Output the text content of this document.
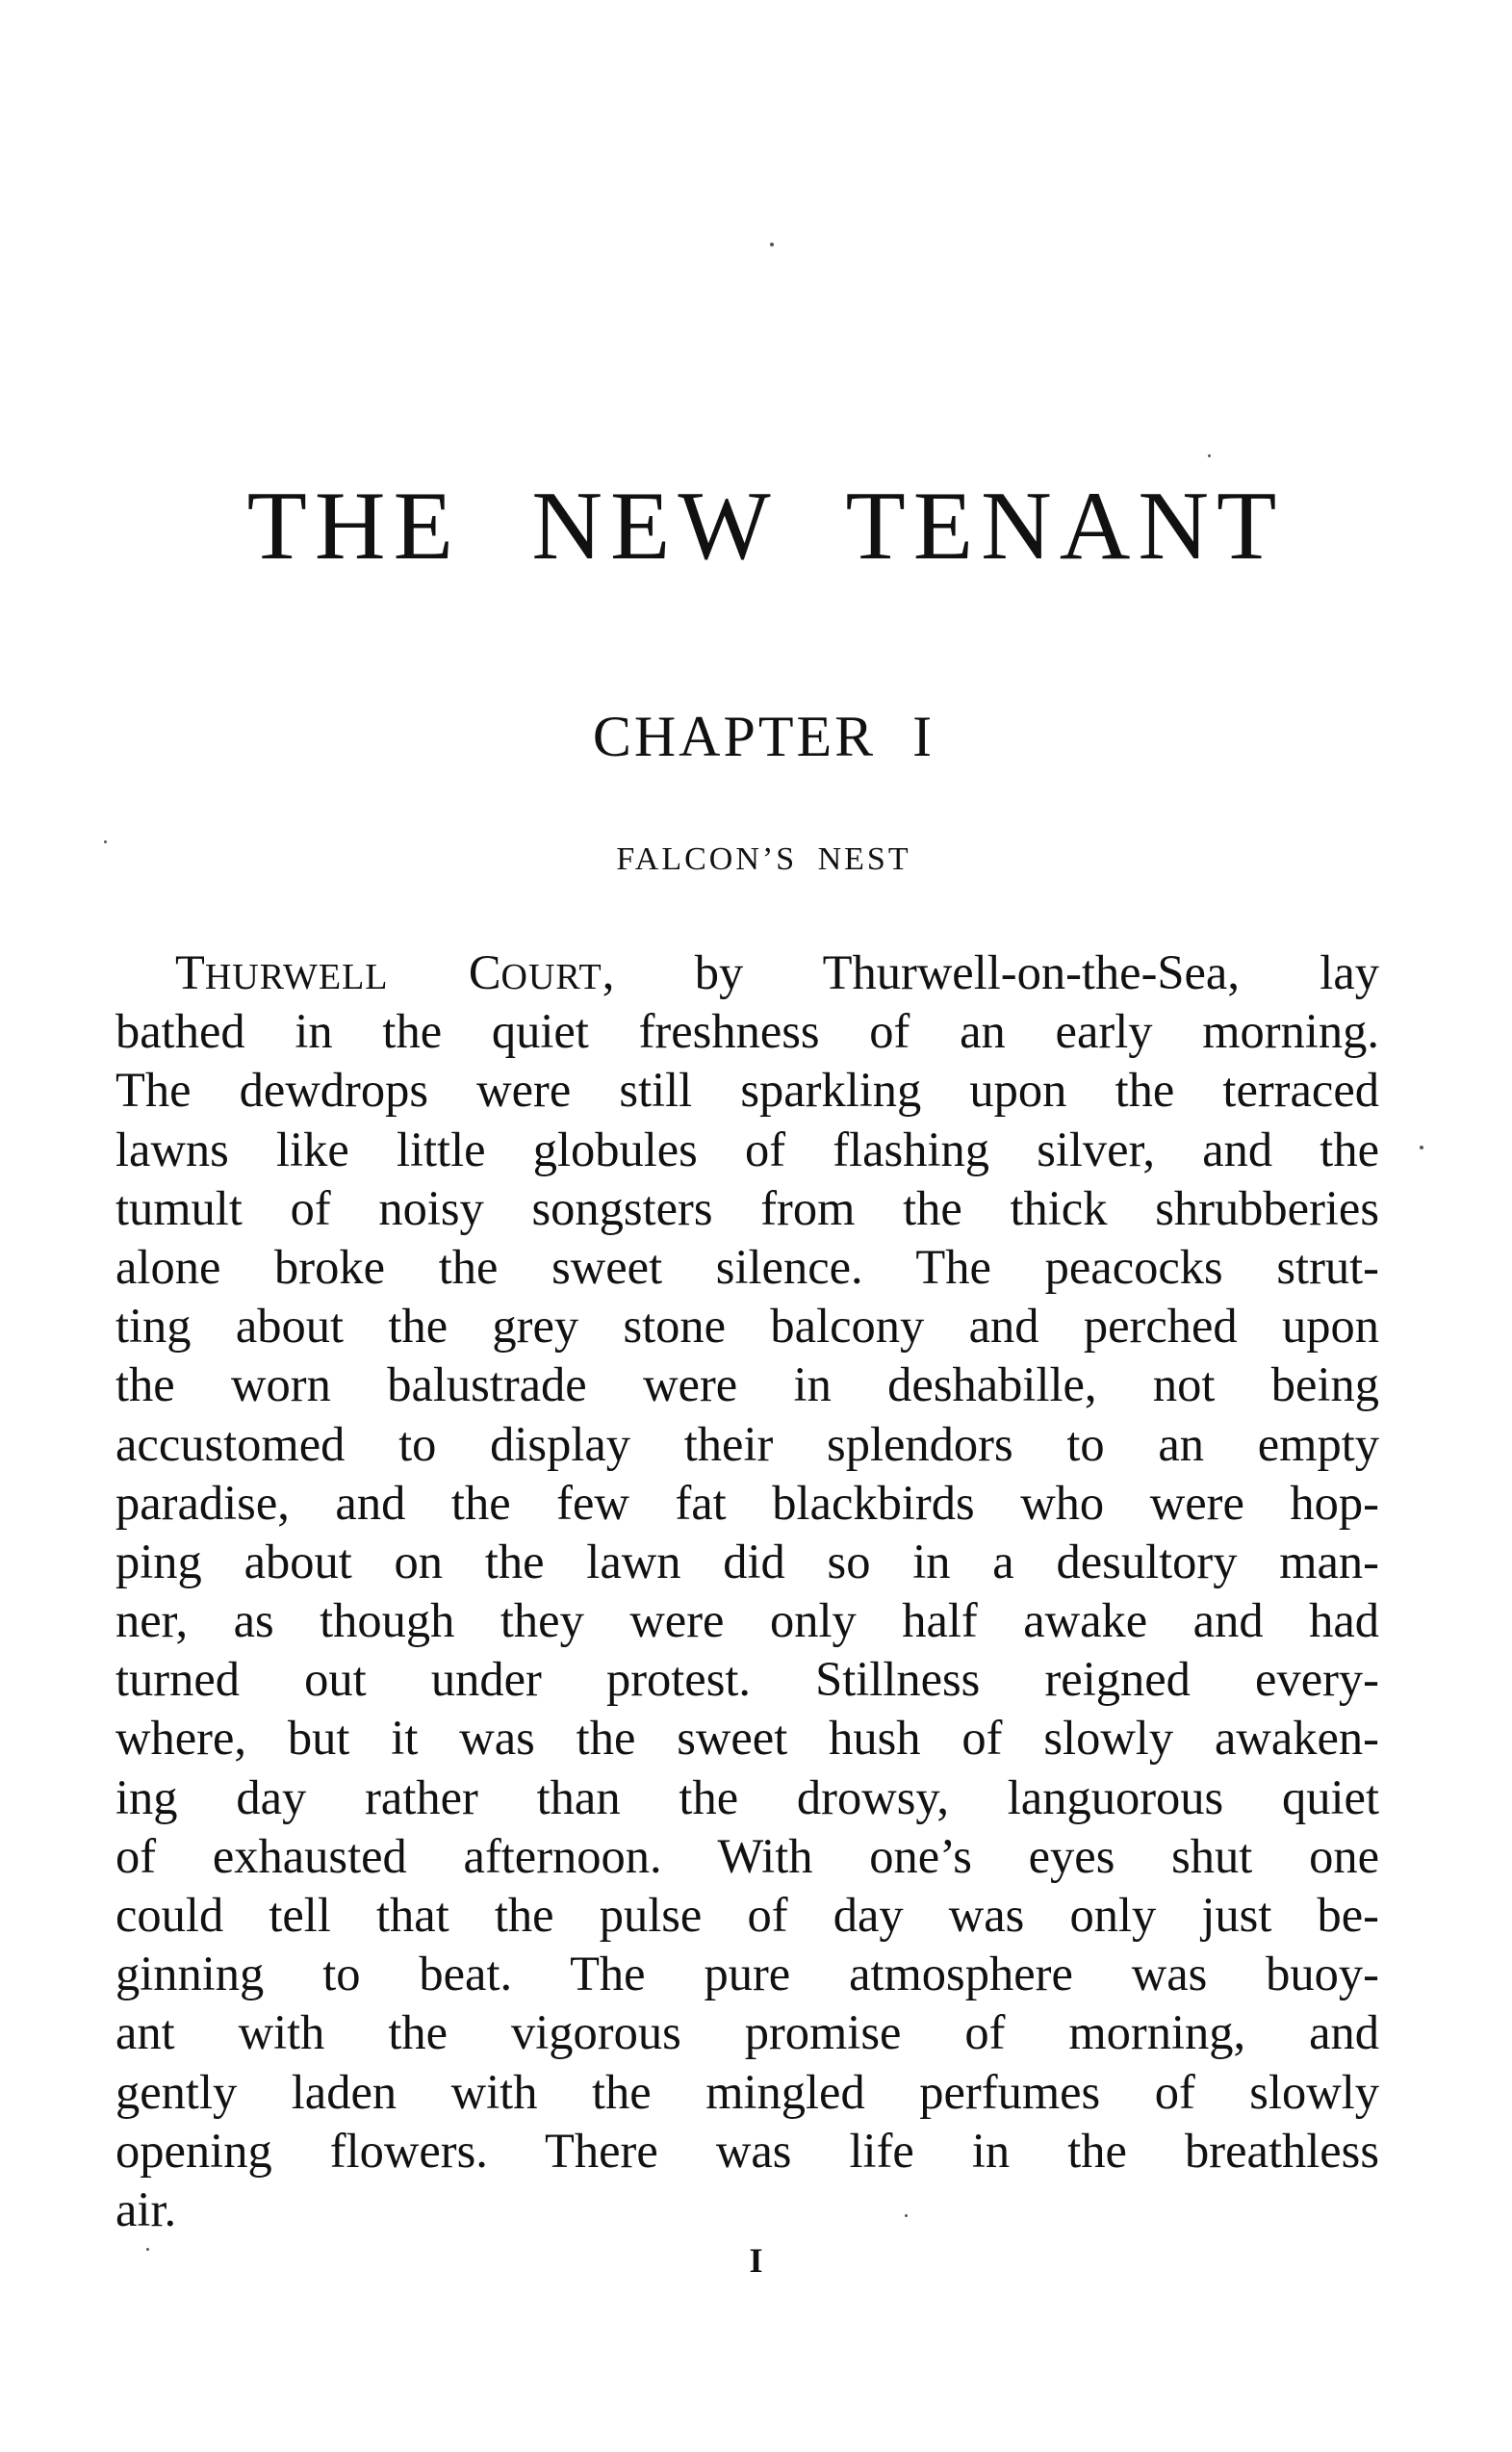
THE NEW TENANT
CHAPTER I
FALCON’S NEST
THURWELL COURT, by Thurwell-on-the-Sea, lay
bathed in the quiet freshness of an early morning.
The dewdrops were still sparkling upon the terraced
lawns like little globules of flashing silver, and the
tumult of noisy songsters from the thick shrubberies
alone broke the sweet silence. The peacocks strut-
ting about the grey stone balcony and perched upon
the worn balustrade were in deshabille, not being
accustomed to display their splendors to an empty
paradise, and the few fat blackbirds who were hop-
ping about on the lawn did so in a desultory man-
ner, as though they were only half awake and had
turned out under protest. Stillness reigned every-
where, but it was the sweet hush of slowly awaken-
ing day rather than the drowsy, languorous quiet
of exhausted afternoon. With one’s eyes shut one
could tell that the pulse of day was only just be-
ginning to beat. The pure atmosphere was buoy-
ant with the vigorous promise of morning, and
gently laden with the mingled perfumes of slowly
opening flowers. There was life in the breathless
air.
I
